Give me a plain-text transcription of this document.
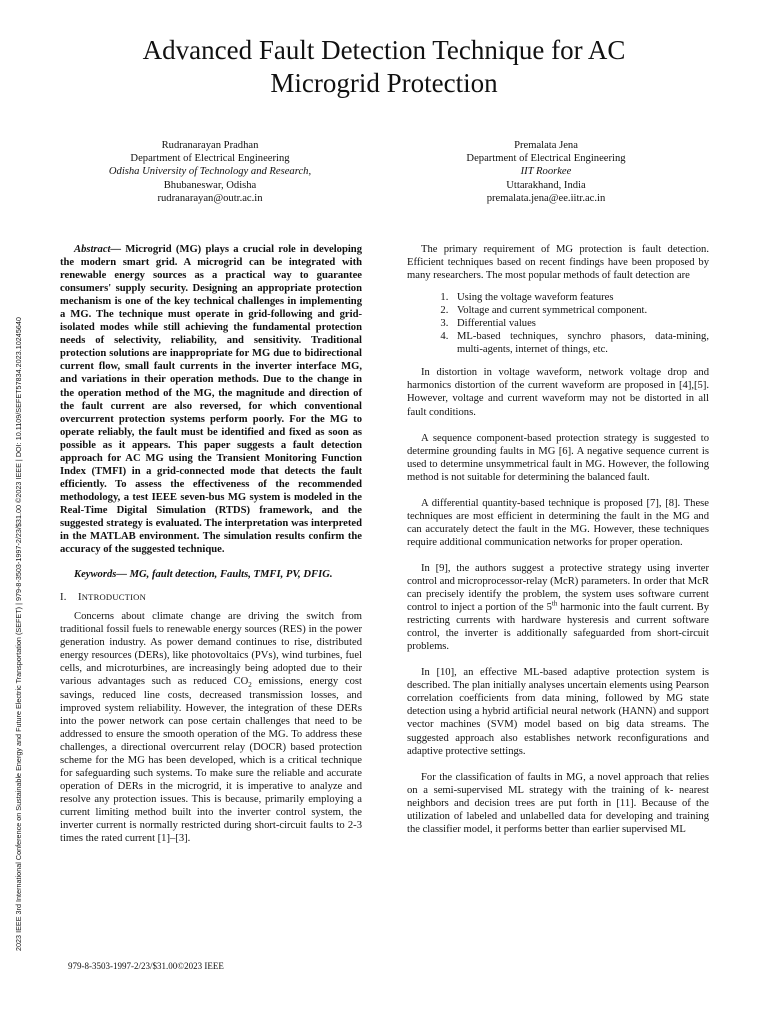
Advanced Fault Detection Technique for AC
Microgrid Protection
Rudranarayan Pradhan
Department of Electrical Engineering
Odisha University of Technology and Research,
Bhubaneswar, Odisha
rudranarayan@outr.ac.in
Premalata Jena
Department of Electrical Engineering
IIT Roorkee
Uttarakhand, India
premalata.jena@ee.iitr.ac.in
2023 IEEE 3rd International Conference on Sustainable Energy and Future Electric Transportation (SEFET) | 979-8-3503-1997-2/23/$31.00 ©2023 IEEE | DOI: 10.1109/SEFET57834.2023.10245640

Abstract— Microgrid (MG) plays a crucial role in developing the modern smart grid. A microgrid can be integrated with renewable energy sources as a practical way to guarantee consumers' supply security. Designing an appropriate protection mechanism is one of the key technical challenges in implementing a MG. The technique must operate in grid-following and grid-isolated modes while still achieving the fundamental protection needs of selectivity, reliability, and sensitivity. Traditional protection solutions are inappropriate for MG due to bidirectional current flow, small fault currents in the inverter interface MG, and variations in their operation methods. Due to the change in the operation method of the MG, the magnitude and direction of the fault current are also reversed, for which conventional overcurrent protection systems perform poorly. For the MG to operate reliably, the fault must be identified and fixed as soon as possible as it appears. This paper suggests a fault detection approach for AC MG using the Transient Monitoring Function Index (TMFI) in a grid-connected mode that detects the fault efficiently. To assess the effectiveness of the recommended methodology, a test IEEE seven-bus MG system is modeled in the Real-Time Digital Simulation (RTDS) framework, and the suggested strategy is evaluated. The interpretation was interpreted in the MATLAB environment. The simulation results confirm the accuracy of the suggested technique.

Keywords— MG, fault detection, Faults, TMFI, PV, DFIG.

I. INTRODUCTION

Concerns about climate change are driving the switch from traditional fossil fuels to renewable energy sources (RES) in the power generation industry. As power demand continues to rise, distributed energy resources (DERs), like photovoltaics (PVs), wind turbines, fuel cells, and microturbines, are increasingly being adopted due to their various advantages such as reduced $CO_2$ emissions, energy cost savings, reduced line costs, decreased transmission losses, and improved system reliability. However, the integration of these DERs into the power network can pose certain challenges that need to be addressed to ensure the smooth operation of the MG. To address these challenges, a directional overcurrent relay (DOCR) based protection scheme for the MG has been developed, which is a critical technique for safeguarding such systems. To make sure the reliable and accurate operation of DERs in the microgrid, it is imperative to analyze and resolve any protection issues. This is because, primarily employing a current limiting method built into the inverter control system, the inverter current is normally restricted during short-circuit faults to 2-3 times the rated current [1]–[3].

The primary requirement of MG protection is fault detection. Efficient techniques based on recent findings have been proposed by many researchers. The most popular methods of fault detection are

1. Using the voltage waveform features
2. Voltage and current symmetrical component.
3. Differential values
4. ML-based techniques, synchro phasors, data-mining, multi-agents, internet of things, etc.

In distortion in voltage waveform, network voltage drop and harmonics distortion of the current waveform are proposed in [4],[5]. However, voltage and current waveform may not be distorted in all fault conditions.

A sequence component-based protection strategy is suggested to determine grounding faults in MG [6]. A negative sequence current is used to determine unsymmetrical fault in MG. However, the following method is not suitable for determining the balanced fault.

A differential quantity-based technique is proposed [7], [8]. These techniques are most efficient in determining the fault in the MG and can accurately detect the fault in the MG. However, these techniques require additional communication networks for proper operation.

In [9], the authors suggest a protective strategy using inverter control and microprocessor-relay (McR) parameters. In order that McR can precisely identify the problem, the system uses software current control to inject a portion of the 5th harmonic into the fault current. By restricting currents with hardware hysteresis and current software control, the inverter is additionally safeguarded from short-circuit problems.

In [10], an effective ML-based adaptive protection system is described. The plan initially analyses uncertain elements using Pearson correlation coefficients from data mining, followed by MG state detection using a hybrid artificial neural network (HANN) and support vector machines (SVM) model based on big data streams. The suggested approach also establishes network reconfigurations and adaptive protective settings.

For the classification of faults in MG, a novel approach that relies on a semi-supervised ML strategy with the training of k- nearest neighbors and decision trees are put forth in [11]. Because of the utilization of labeled and unlabelled data for developing and training the classifier model, it performs better than earlier supervised ML

979-8-3503-1997-2/23/$31.00©2023 IEEE
